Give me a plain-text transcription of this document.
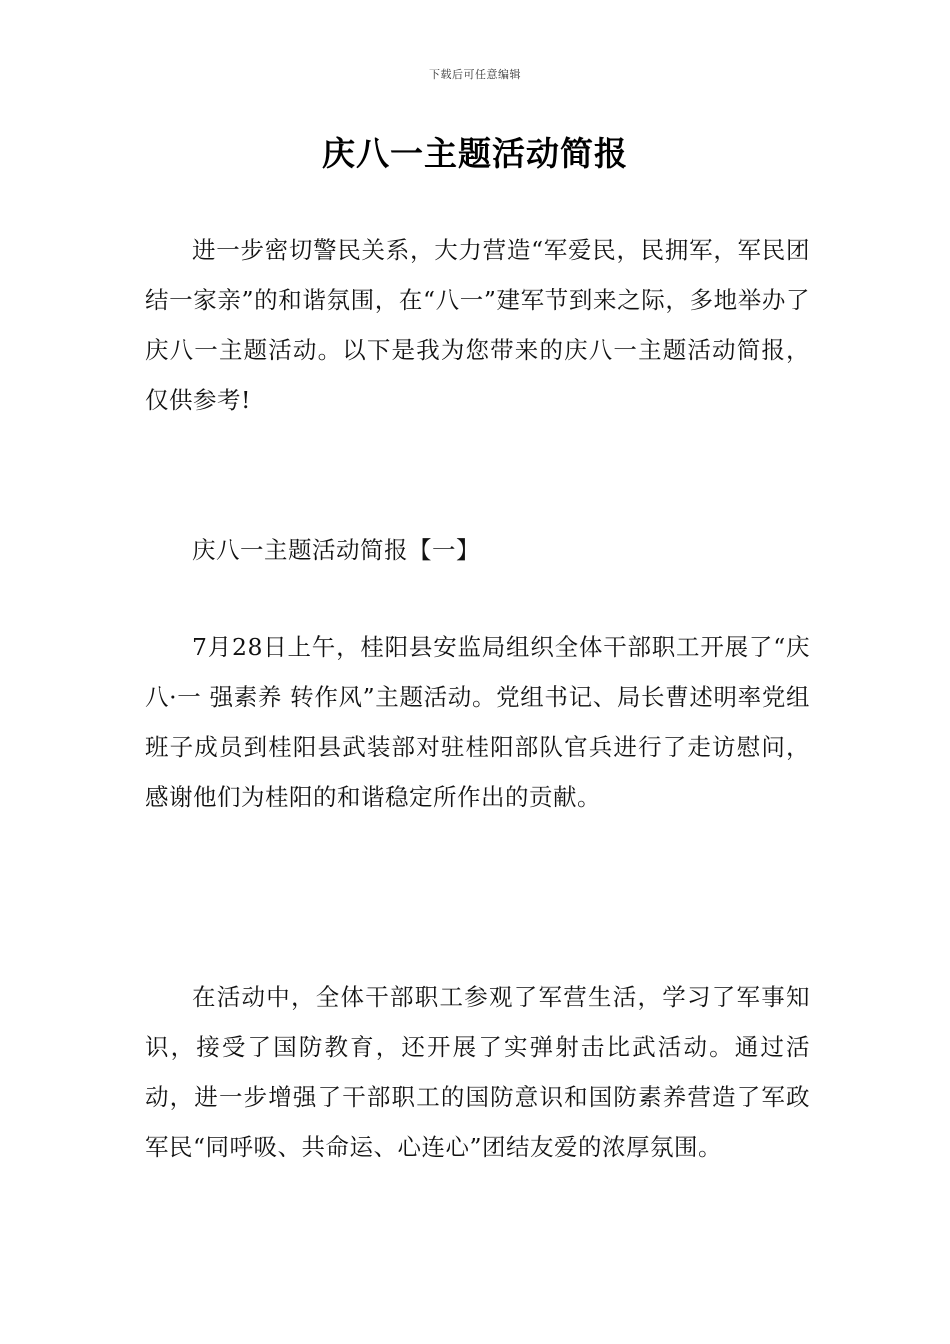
下载后可任意编辑
庆八一主题活动简报

进一步密切警民关系，大力营造“军爱民，民拥军，军民团结一家亲”的和谐氛围，在“八一”建军节到来之际，多地举办了庆八一主题活动。以下是我为您带来的庆八一主题活动简报，仅供参考!

庆八一主题活动简报【一】

7月28日上午，桂阳县安监局组织全体干部职工开展了“庆八·一 强素养 转作风”主题活动。党组书记、局长曹述明率党组班子成员到桂阳县武装部对驻桂阳部队官兵进行了走访慰问，感谢他们为桂阳的和谐稳定所作出的贡献。

在活动中，全体干部职工参观了军营生活，学习了军事知识，接受了国防教育，还开展了实弹射击比武活动。通过活动，进一步增强了干部职工的国防意识和国防素养营造了军政军民“同呼吸、共命运、心连心”团结友爱的浓厚氛围。
